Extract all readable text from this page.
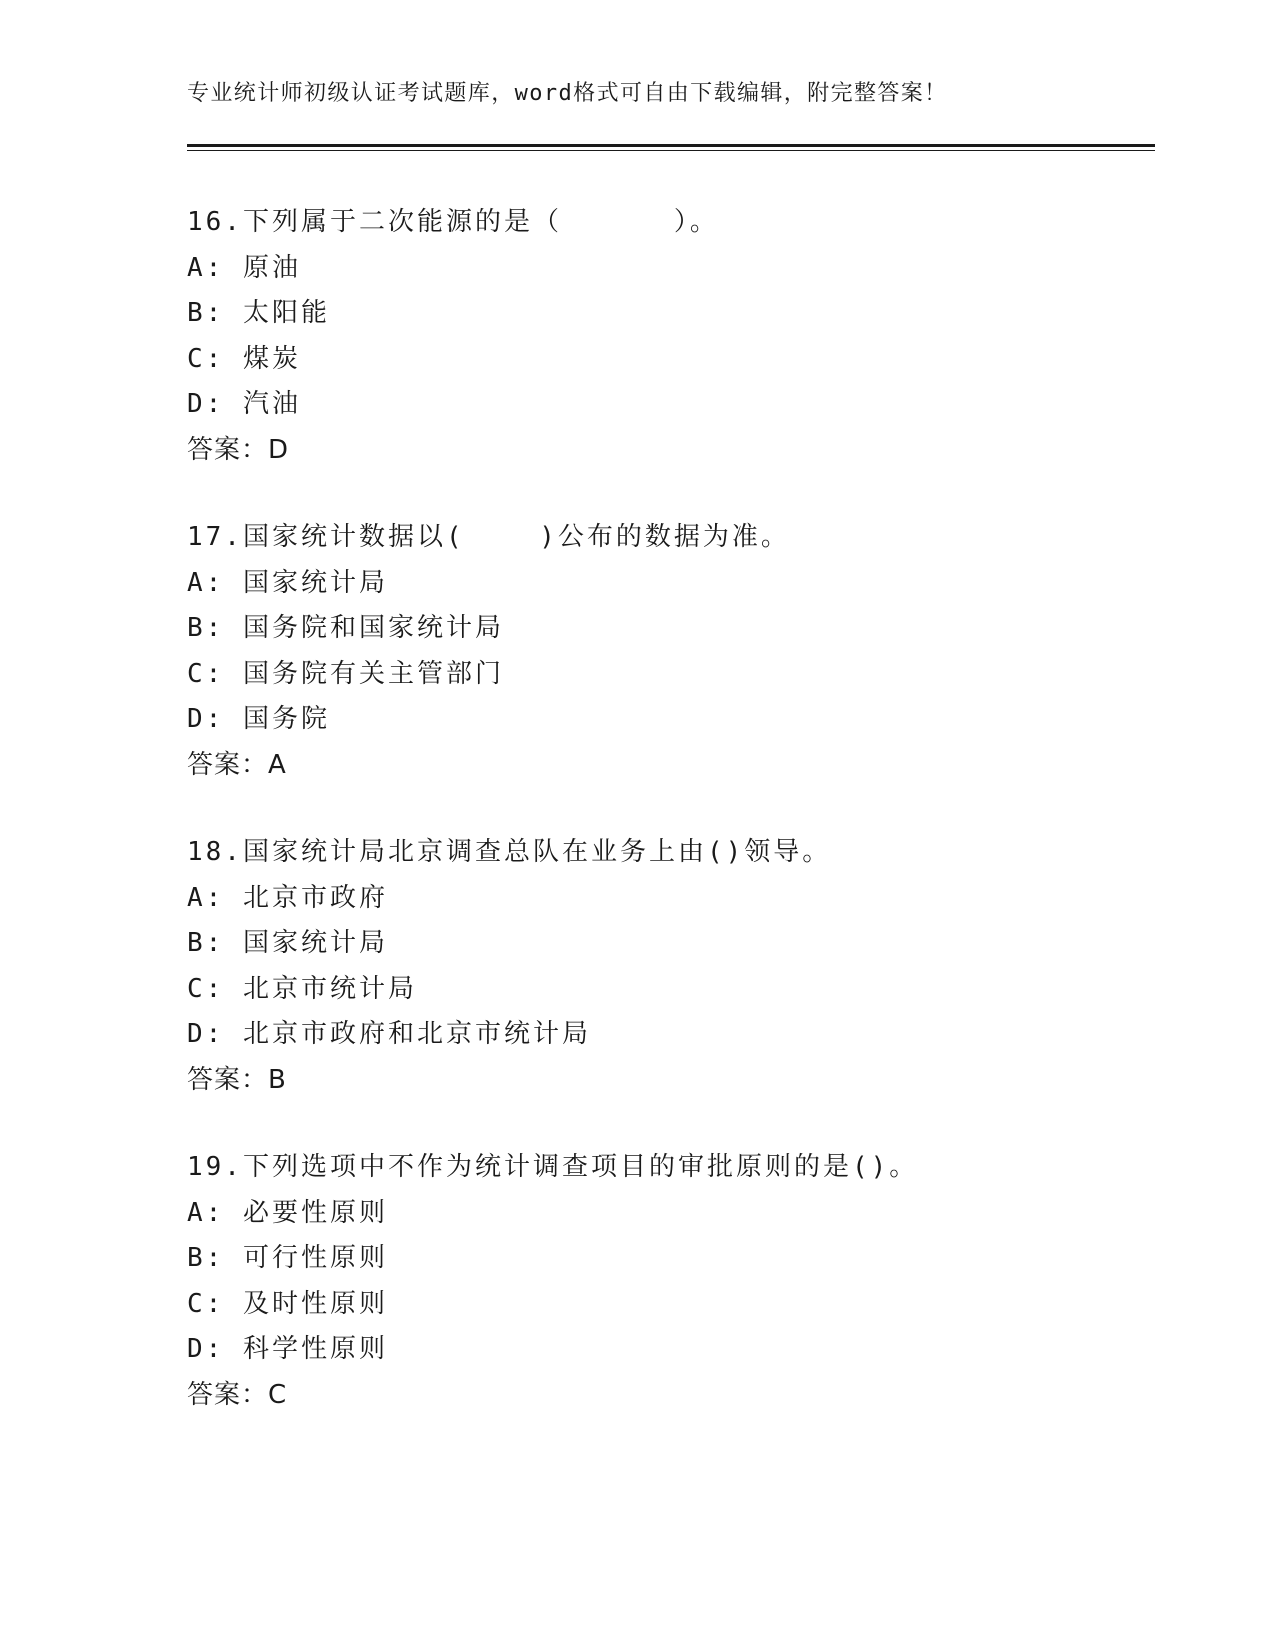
专业统计师初级认证考试题库，word格式可自由下载编辑，附完整答案！
16.下列属于二次能源的是（      ）。
A: 原油
B: 太阳能
C: 煤炭
D: 汽油
答案：D
17.国家统计数据以(    )公布的数据为准。
A: 国家统计局
B: 国务院和国家统计局
C: 国务院有关主管部门
D: 国务院
答案：A
18.国家统计局北京调查总队在业务上由()领导。
A: 北京市政府
B: 国家统计局
C: 北京市统计局
D: 北京市政府和北京市统计局
答案：B
19.下列选项中不作为统计调查项目的审批原则的是()。
A: 必要性原则
B: 可行性原则
C: 及时性原则
D: 科学性原则
答案：C
